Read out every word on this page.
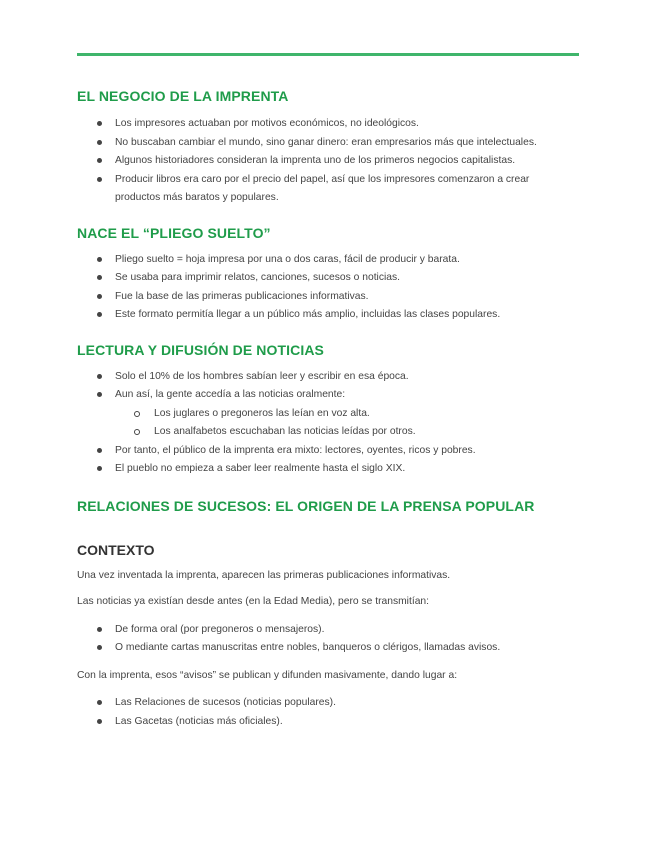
EL NEGOCIO DE LA IMPRENTA
Los impresores actuaban por motivos económicos, no ideológicos.
No buscaban cambiar el mundo, sino ganar dinero: eran empresarios más que intelectuales.
Algunos historiadores consideran la imprenta uno de los primeros negocios capitalistas.
Producir libros era caro por el precio del papel, así que los impresores comenzaron a crear productos más baratos y populares.
NACE EL “PLIEGO SUELTO”
Pliego suelto = hoja impresa por una o dos caras, fácil de producir y barata.
Se usaba para imprimir relatos, canciones, sucesos o noticias.
Fue la base de las primeras publicaciones informativas.
Este formato permitía llegar a un público más amplio, incluidas las clases populares.
LECTURA Y DIFUSIÓN DE NOTICIAS
Solo el 10% de los hombres sabían leer y escribir en esa época.
Aun así, la gente accedía a las noticias oralmente:
Los juglares o pregoneros las leían en voz alta.
Los analfabetos escuchaban las noticias leídas por otros.
Por tanto, el público de la imprenta era mixto: lectores, oyentes, ricos y pobres.
El pueblo no empieza a saber leer realmente hasta el siglo XIX.
RELACIONES DE SUCESOS: EL ORIGEN DE LA PRENSA POPULAR
CONTEXTO

Una vez inventada la imprenta, aparecen las primeras publicaciones informativas.

Las noticias ya existían desde antes (en la Edad Media), pero se transmitían:

De forma oral (por pregoneros o mensajeros).
O mediante cartas manuscritas entre nobles, banqueros o clérigos, llamadas avisos.

Con la imprenta, esos “avisos” se publican y difunden masivamente, dando lugar a:

Las Relaciones de sucesos (noticias populares).
Las Gacetas (noticias más oficiales).
